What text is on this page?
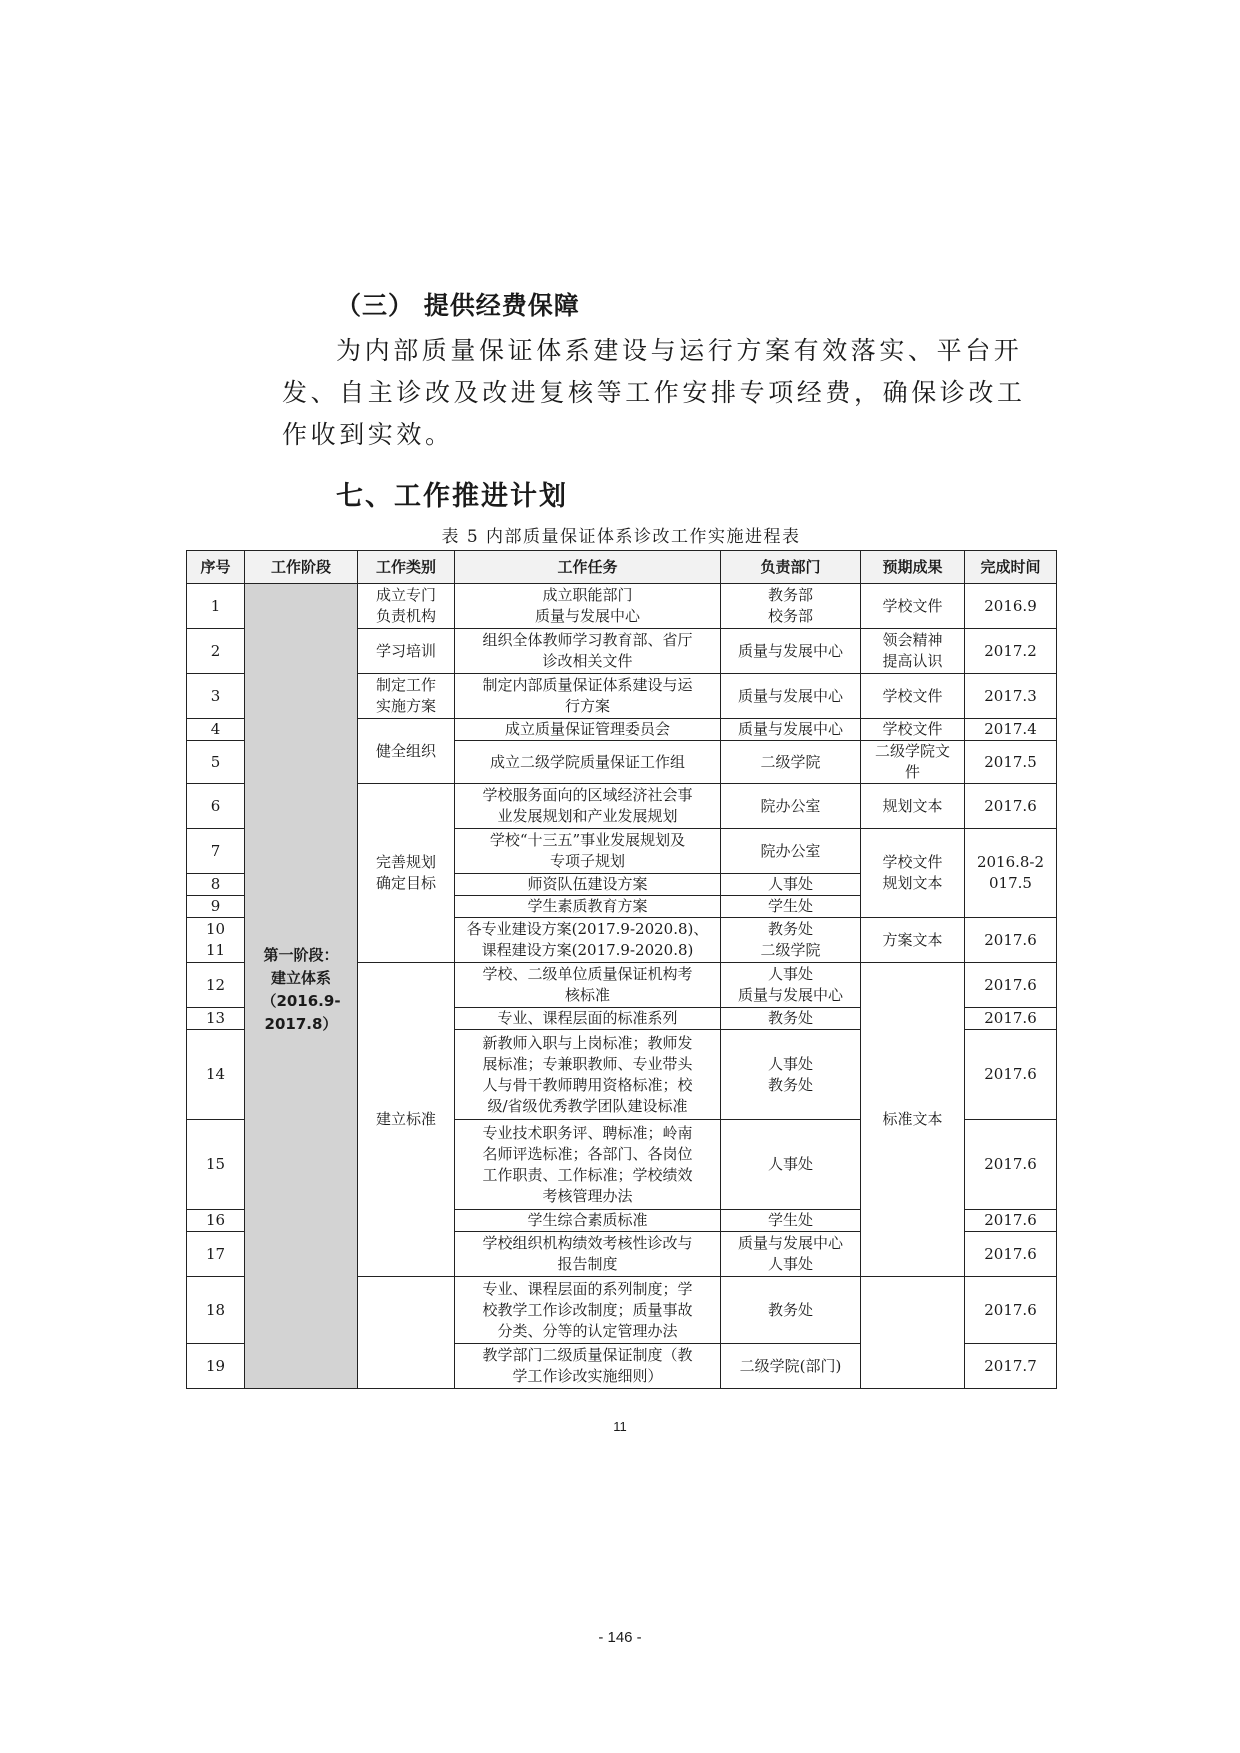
（三） 提供经费保障
为内部质量保证体系建设与运行方案有效落实、平台开
发、自主诊改及改进复核等工作安排专项经费，确保诊改工
作收到实效。
七、工作推进计划
表 5 内部质量保证体系诊改工作实施进程表
序号	工作阶段	工作类别	工作任务	负责部门	预期成果	完成时间
1	第一阶段：
建立体系
（2016.9-
2017.8）	成立专门
负责机构	成立职能部门
质量与发展中心	教务部
校务部	学校文件	2016.9
2		学习培训	组织全体教师学习教育部、省厅
诊改相关文件	质量与发展中心	领会精神
提高认识	2017.2
3		制定工作
实施方案	制定内部质量保证体系建设与运
行方案	质量与发展中心	学校文件	2017.3
4		健全组织	成立质量保证管理委员会	质量与发展中心	学校文件	2017.4
5			成立二级学院质量保证工作组	二级学院	二级学院文
件	2017.5
6		完善规划
确定目标	学校服务面向的区域经济社会事
业发展规划和产业发展规划	院办公室	规划文本	2017.6
7			学校“十三五”事业发展规划及
专项子规划	院办公室	学校文件
规划文本	2016.8-2
017.5
8			师资队伍建设方案	人事处		
9			学生素质教育方案	学生处		
10
11			各专业建设方案(2017.9-2020.8)、
课程建设方案(2017.9-2020.8)	教务处
二级学院	方案文本	2017.6
12		建立标准	学校、二级单位质量保证机构考
核标准	人事处
质量与发展中心	标准文本	2017.6
13			专业、课程层面的标准系列	教务处		2017.6
14			新教师入职与上岗标准；教师发
展标准；专兼职教师、专业带头
人与骨干教师聘用资格标准；校
级/省级优秀教学团队建设标准	人事处
教务处		2017.6
15			专业技术职务评、聘标准；岭南
名师评选标准；各部门、各岗位
工作职责、工作标准；学校绩效
考核管理办法	人事处		2017.6
16			学生综合素质标准	学生处		2017.6
17			学校组织机构绩效考核性诊改与
报告制度	质量与发展中心
人事处		2017.6
18			专业、课程层面的系列制度；学
校教学工作诊改制度；质量事故
分类、分等的认定管理办法	教务处		2017.6
19			教学部门二级质量保证制度（教
学工作诊改实施细则）	二级学院(部门)		2017.7
11
- 146 -
